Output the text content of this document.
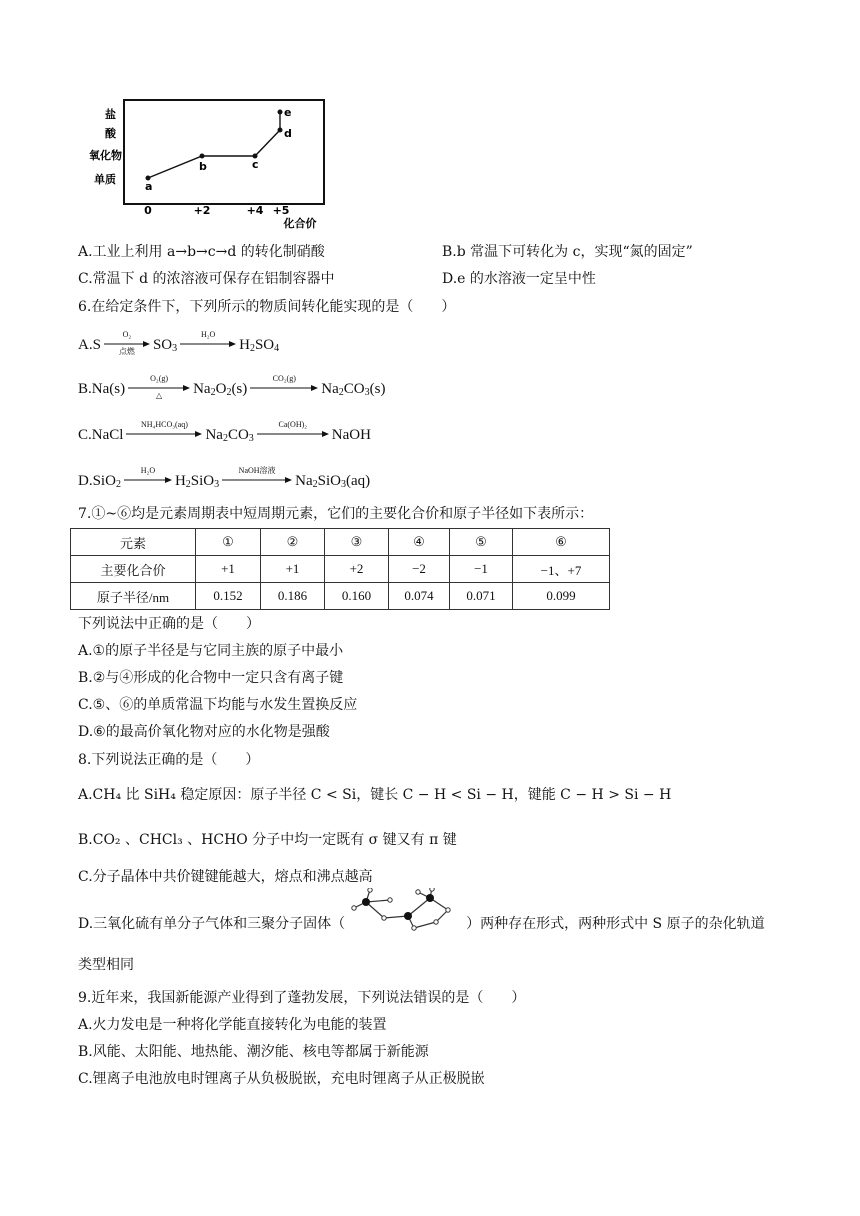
盐
酸
氧化物
单质
a
b	c
d
e
0	+2	+4 +5
化合价
A.工业上利用 a→b→c→d 的转化制硝酸	B.b 常温下可转化为 c，实现“氮的固定”
C.常温下 d 的浓溶液可保存在铝制容器中	D.e 的水溶液一定呈中性
6.在给定条件下，下列所示的物质间转化能实现的是（　　）
A. S
O₂
点燃	$SO_3$
H₂O
$H_2$ $SO_4$
B. Na(s)
O₂(g)
△	$Na_2$ $O_2$ (s)
CO₂(g)
$Na_2$ $CO_3$ (s)
C. NaCl
NH₄HCO₃(aq)
$Na_2$ $CO_3$
Ca(OH)₂
NaOH
D. SiO$_2$
H₂O
$H_2$ SiO$_3$
NaOH溶液
$Na_2$ SiO$_3$ (aq)
7.①~⑥均是元素周期表中短周期元素，它们的主要化合价和原子半径如下表所示：
元素	①	②	③	④	⑤	⑥
主要化合价	+1	+1	+2	−2	−1	−1、+7
原子半径/nm	0.152	0.186	0.160	0.074	0.071	0.099
下列说法中正确的是（　　）
A.①的原子半径是与它同主族的原子中最小
B.②与④形成的化合物中一定只含有离子键
C.⑤、⑥的单质常温下均能与水发生置换反应
D.⑥的最高价氧化物对应的水化物是强酸
8.下列说法正确的是（　　）
A.CH₄ 比 SiH₄ 稳定原因：原子半径 C < Si，键长 C − H < Si − H，键能 C − H > Si − H
B.CO₂ 、CHCl₃ 、HCHO 分子中均一定既有 σ 键又有 π 键
C.分子晶体中共价键键能越大，熔点和沸点越高
D.三氧化硫有单分子气体和三聚分子固体（	）两种存在形式，两种形式中 S 原子的杂化轨道
类型相同
9.近年来，我国新能源产业得到了蓬勃发展，下列说法错误的是（　　）
A.火力发电是一种将化学能直接转化为电能的装置
B.风能、太阳能、地热能、潮汐能、核电等都属于新能源
C.锂离子电池放电时锂离子从负极脱嵌，充电时锂离子从正极脱嵌
